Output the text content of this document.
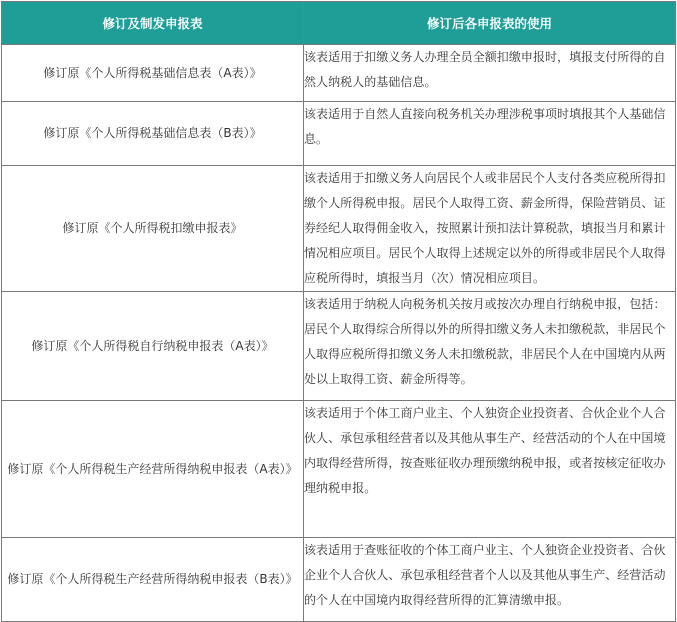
修订及制发申报表	修订后各申报表的使用
修订原《个人所得税基础信息表（A表）》	该表适用于扣缴义务人办理全员全额扣缴申报时，填报支付所得的自然人纳税人的基础信息。
修订原《个人所得税基础信息表（B表）》	该表适用于自然人直接向税务机关办理涉税事项时填报其个人基础信息。
修订原《个人所得税扣缴申报表》	该表适用于扣缴义务人向居民个人或非居民个人支付各类应税所得扣缴个人所得税申报。居民个人取得工资、薪金所得，保险营销员、证券经纪人取得佣金收入，按照累计预扣法计算税款，填报当月和累计情况相应项目。居民个人取得上述规定以外的所得或非居民个人取得应税所得时，填报当月（次）情况相应项目。
修订原《个人所得税自行纳税申报表（A表）》	该表适用于纳税人向税务机关按月或按次办理自行纳税申报，包括：居民个人取得综合所得以外的所得扣缴义务人未扣缴税款，非居民个人取得应税所得扣缴义务人未扣缴税款，非居民个人在中国境内从两处以上取得工资、薪金所得等。
修订原《个人所得税生产经营所得纳税申报表（A表）》	该表适用于个体工商户业主、个人独资企业投资者、合伙企业个人合伙人、承包承租经营者以及其他从事生产、经营活动的个人在中国境内取得经营所得，按查账征收办理预缴纳税申报，或者按核定征收办理纳税申报。
修订原《个人所得税生产经营所得纳税申报表（B表）》	该表适用于查账征收的个体工商户业主、个人独资企业投资者、合伙企业个人合伙人、承包承租经营者个人以及其他从事生产、经营活动的个人在中国境内取得经营所得的汇算清缴申报。
